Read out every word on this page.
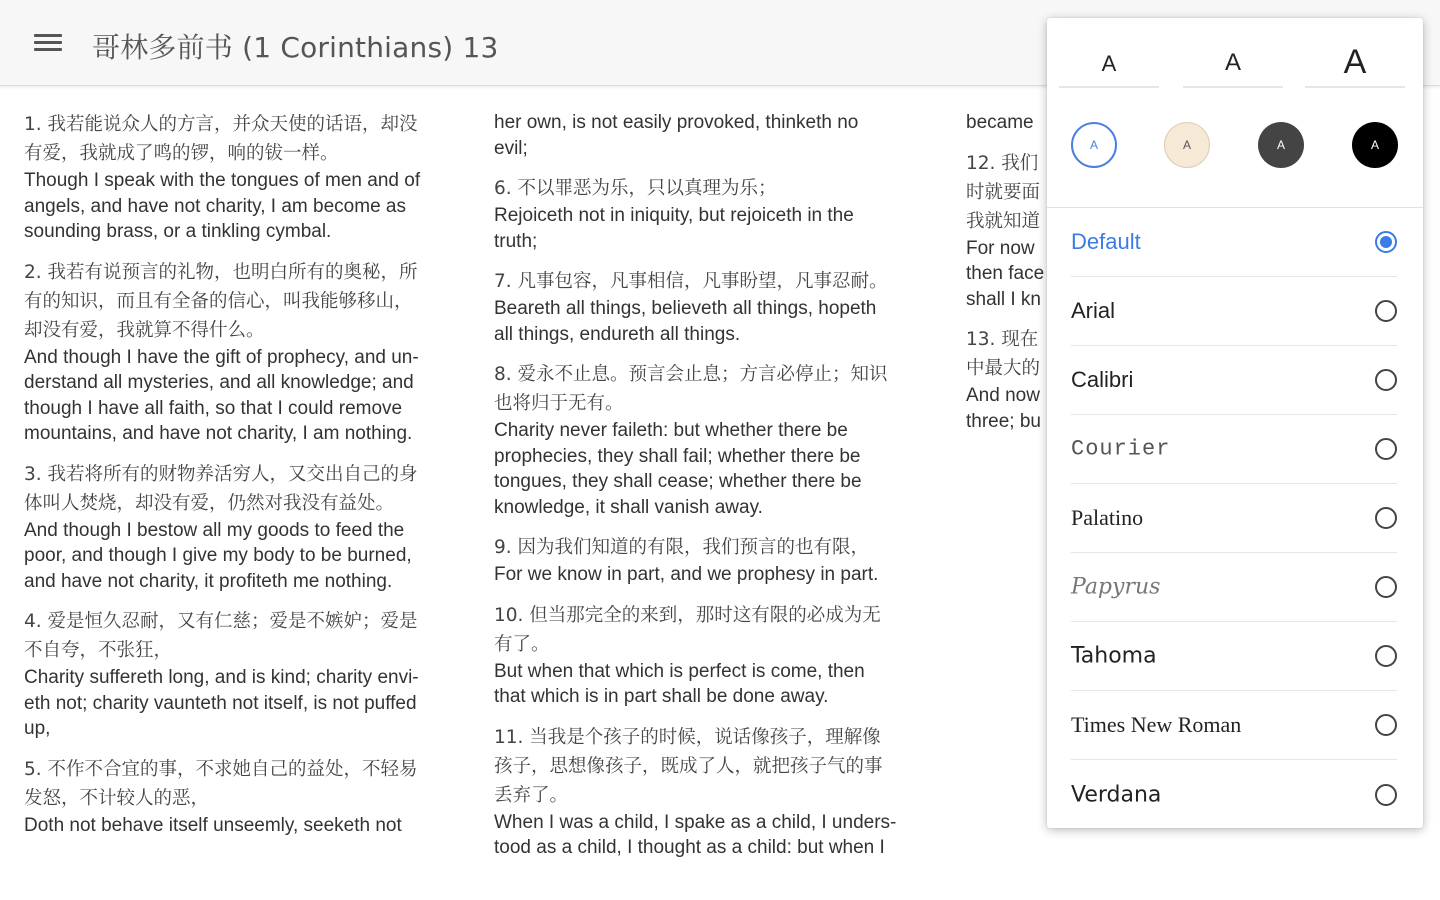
哥林多前书 (1 Corinthians) 13
1. 我若能说众人的方言，并众天使的话语，却没
有爱，我就成了鸣的锣，响的钹一样。
Though I speak with the tongues of men and of
angels, and have not charity, I am become as
sounding brass, or a tinkling cymbal.
2. 我若有说预言的礼物，也明白所有的奥秘，所
有的知识，而且有全备的信心，叫我能够移山，
却没有爱，我就算不得什么。
And though I have the gift of prophecy, and un-
derstand all mysteries, and all knowledge; and
though I have all faith, so that I could remove
mountains, and have not charity, I am nothing.
3. 我若将所有的财物养活穷人，又交出自己的身
体叫人焚烧，却没有爱，仍然对我没有益处。
And though I bestow all my goods to feed the
poor, and though I give my body to be burned,
and have not charity, it profiteth me nothing.
4. 爱是恒久忍耐，又有仁慈；爱是不嫉妒；爱是
不自夸，不张狂，
Charity suffereth long, and is kind; charity envi-
eth not; charity vaunteth not itself, is not puffed
up,
5. 不作不合宜的事，不求她自己的益处，不轻易
发怒，不计较人的恶，
Doth not behave itself unseemly, seeketh not
her own, is not easily provoked, thinketh no
evil;
6. 不以罪恶为乐，只以真理为乐；
Rejoiceth not in iniquity, but rejoiceth in the
truth;
7. 凡事包容，凡事相信，凡事盼望，凡事忍耐。
Beareth all things, believeth all things, hopeth
all things, endureth all things.
8. 爱永不止息。预言会止息；方言必停止；知识
也将归于无有。
Charity never faileth: but whether there be
prophecies, they shall fail; whether there be
tongues, they shall cease; whether there be
knowledge, it shall vanish away.
9. 因为我们知道的有限，我们预言的也有限，
For we know in part, and we prophesy in part.
10. 但当那完全的来到，那时这有限的必成为无
有了。
But when that which is perfect is come, then
that which is in part shall be done away.
11. 当我是个孩子的时候，说话像孩子，理解像
孩子，思想像孩子，既成了人，就把孩子气的事
丢弃了。
When I was a child, I spake as a child, I unders-
tood as a child, I thought as a child: but when I
became
12. 我们
时就要面
我就知道
For now
then face
shall I kn
13. 现在
中最大的
And now
three; bu
A	A	A
A	A	A	A
Default
Arial
Calibri
Courier
Palatino
Papyrus
Tahoma
Times New Roman
Verdana
